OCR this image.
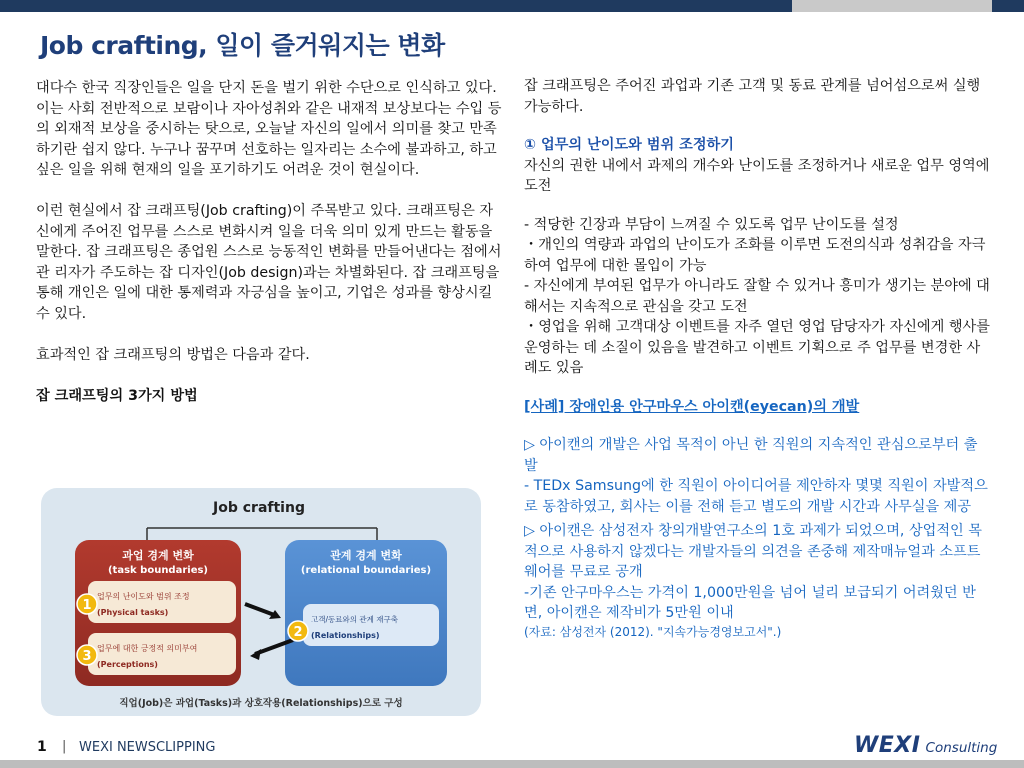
Job crafting, 일이 즐거워지는 변화

대다수 한국 직장인들은 일을 단지 돈을 벌기 위한 수단으로 인식하고 있다. 이는 사회 전반적으로 보람이나 자아성취와 같은 내재적 보상보다는 수입 등의 외재적 보상을 중시하는 탓으로, 오늘날 자신의 일에서 의미를 찾고 만족하기란 쉽지 않다. 누구나 꿈꾸며 선호하는 일자리는 소수에 불과하고, 하고 싶은 일을 위해 현재의 일을 포기하기도 어려운 것이 현실이다.

이런 현실에서 잡 크래프팅(Job crafting)이 주목받고 있다. 크래프팅은 자신에게 주어진 업무를 스스로 변화시켜 일을 더욱 의미 있게 만드는 활동을 말한다. 잡 크래프팅은 종업원 스스로 능동적인 변화를 만들어낸다는 점에서 관 리자가 주도하는 잡 디자인(Job design)과는 차별화된다. 잡 크래프팅을 통해 개인은 일에 대한 통제력과 자긍심을 높이고, 기업은 성과를 향상시킬 수 있다.

효과적인 잡 크래프팅의 방법은 다음과 같다.

잡 크래프팅의 3가지 방법

Job crafting
과업 경계 변화
(task boundaries)
업무의 난이도와 범위 조정
(Physical tasks)
업무에 대한 긍정적 의미부여
(Perceptions)
관계 경계 변화
(relational boundaries)
고객/동료와의 관계 재구축
(Relationships)
1
2
3
직업(Job)은 과업(Tasks)과 상호작용(Relationships)으로 구성
잡 크래프팅은 주어진 과업과 기존 고객 및 동료 관계를 넘어섬으로써 실행 가능하다.
① 업무의 난이도와 범위 조정하기
자신의 권한 내에서 과제의 개수와 난이도를 조정하거나 새로운 업무 영역에 도전
- 적당한 긴장과 부담이 느껴질 수 있도록 업무 난이도를 설정
・개인의 역량과 과업의 난이도가 조화를 이루면 도전의식과 성취감을 자극하여 업무에 대한 몰입이 가능
- 자신에게 부여된 업무가 아니라도 잘할 수 있거나 흥미가 생기는 분야에 대해서는 지속적으로 관심을 갖고 도전
・영업을 위해 고객대상 이벤트를 자주 열던 영업 담당자가 자신에게 행사를 운영하는 데 소질이 있음을 발견하고 이벤트 기획으로 주 업무를 변경한 사례도 있음
[사례] 장애인용 안구마우스 아이캔(eyecan)의 개발
▷ 아이캔의 개발은 사업 목적이 아닌 한 직원의 지속적인 관심으로부터 출발
- TEDx Samsung에 한 직원이 아이디어를 제안하자 몇몇 직원이 자발적으로 동참하였고, 회사는 이를 전해 듣고 별도의 개발 시간과 사무실을 제공
▷ 아이캔은 삼성전자 창의개발연구소의 1호 과제가 되었으며, 상업적인 목적으로 사용하지 않겠다는 개발자들의 의견을 존중해 제작매뉴얼과 소프트웨어를 무료로 공개
-기존 안구마우스는 가격이 1,000만원을 넘어 널리 보급되기 어려웠던 반면, 아이캔은 제작비가 5만원 이내
(자료: 삼성전자 (2012). "지속가능경영보고서".)
1 | WEXI NEWSCLIPPING	WEXI Consulting
